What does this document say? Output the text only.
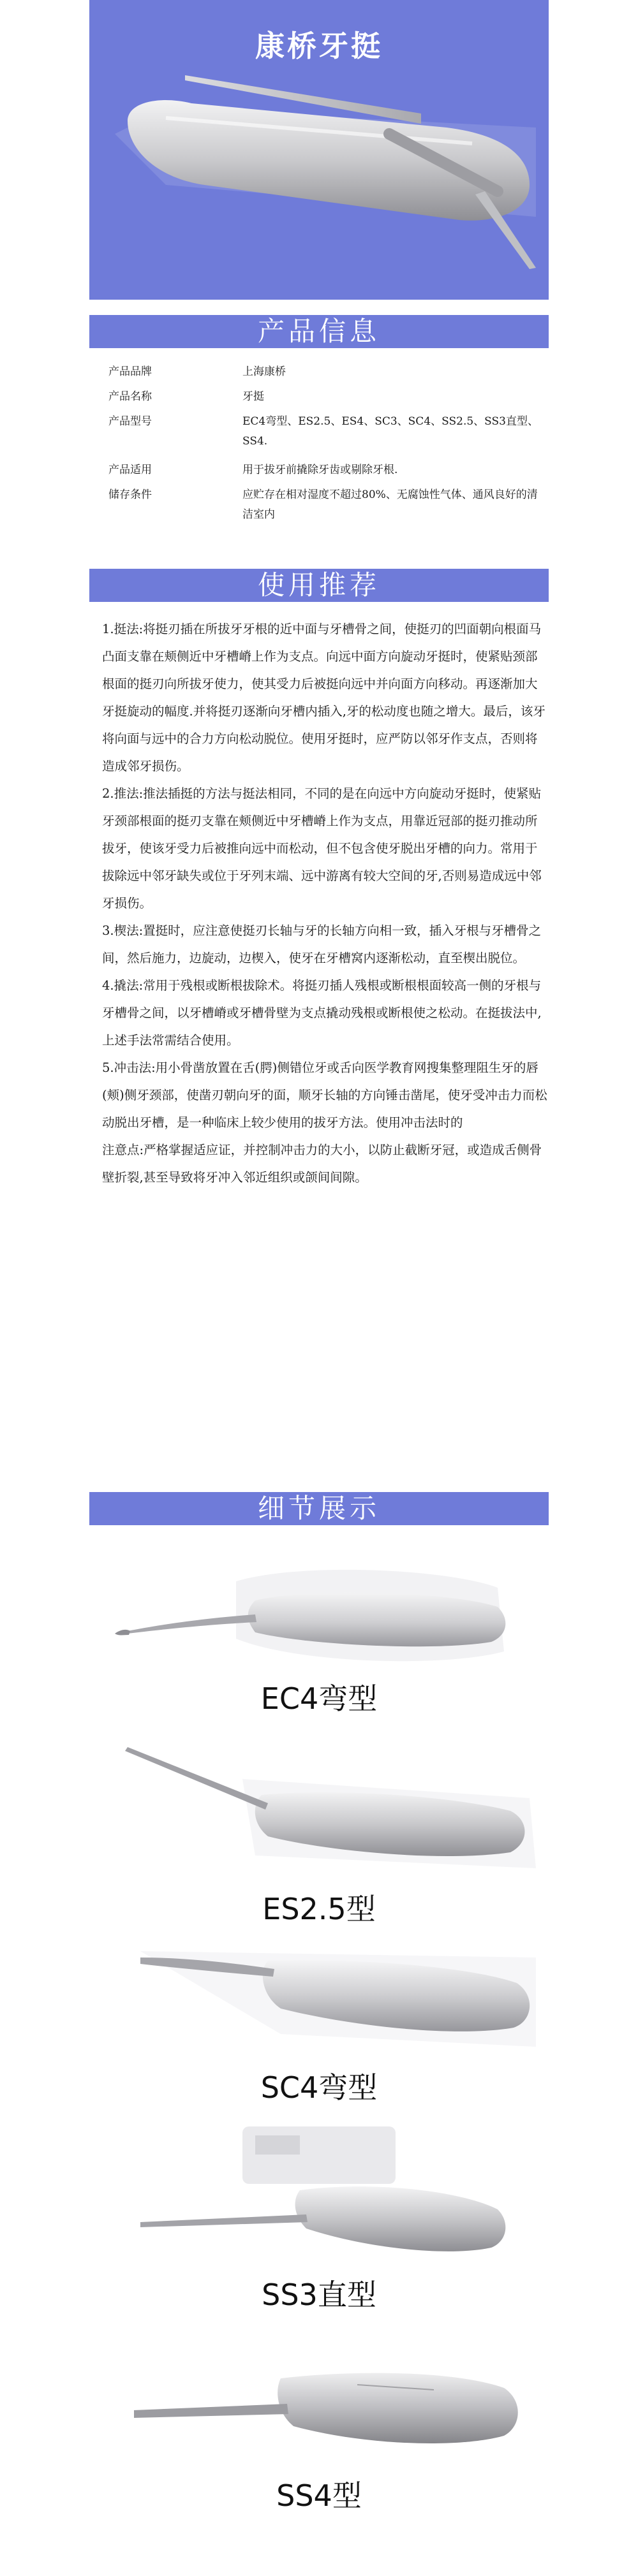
康桥牙挺
产品信息
产品品牌	上海康桥
产品名称	牙挺
产品型号	EC4弯型、ES2.5、ES4、SC3、SC4、SS2.5、SS3直型、SS4.
产品适用	用于拔牙前撬除牙齿或剔除牙根.
储存条件	应贮存在相对湿度不超过80%、无腐蚀性气体、通风良好的清洁室内
使用推荐

1.挺法:将挺刃插在所拔牙牙根的近中面与牙槽骨之间，使挺刃的凹面朝向根面马凸面支靠在颊侧近中牙槽嵴上作为支点。向远中面方向旋动牙挺时，使紧贴颈部根面的挺刃向所拔牙使力，使其受力后被挺向远中并向面方向移动。再逐渐加大牙挺旋动的幅度.并将挺刃逐渐向牙槽内插入,牙的松动度也随之增大。最后，该牙将向面与远中的合力方向松动脱位。使用牙挺时，应严防以邻牙作支点，否则将造成邻牙损伤。

2.推法:推法插挺的方法与挺法相同，不同的是在向远中方向旋动牙挺时，使紧贴牙颈部根面的挺刃支靠在颊侧近中牙槽嵴上作为支点，用靠近冠部的挺刃推动所拔牙，使该牙受力后被推向远中而松动，但不包含使牙脱出牙槽的向力。常用于拔除远中邻牙缺失或位于牙列末端、远中游离有较大空间的牙,否则易造成远中邻牙损伤。

3.楔法:置挺时，应注意使挺刃长轴与牙的长轴方向相一致，插入牙根与牙槽骨之间，然后施力，边旋动，边楔入，使牙在牙槽窝内逐渐松动，直至楔出脱位。

4.撬法:常用于残根或断根拔除术。将挺刃插人残根或断根根面较高一侧的牙根与牙槽骨之间，以牙槽嵴或牙槽骨壁为支点撬动残根或断根使之松动。在挺拔法中,上述手法常需结合使用。

5.冲击法:用小骨凿放置在舌(腭)侧错位牙或舌向医学教育网搜集整理阻生牙的唇(颊)侧牙颈部，使凿刃朝向牙的面，顺牙长轴的方向锤击凿尾，使牙受冲击力而松动脱出牙槽，是一种临床上较少使用的拔牙方法。使用冲击法时的

注意点:严格掌握适应证，并控制冲击力的大小，以防止截断牙冠，或造成舌侧骨壁折裂,甚至导致将牙冲入邻近组织或颌间间隙。

细节展示
EC4弯型
ES2.5型
SC4弯型
SS3直型
SS4型
